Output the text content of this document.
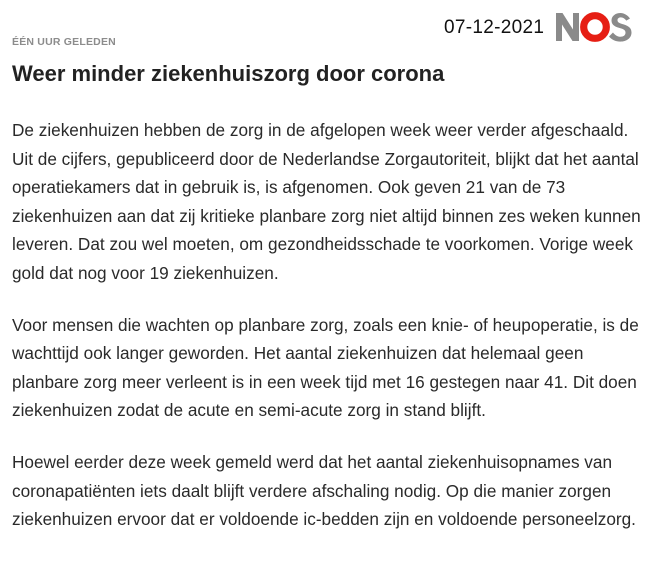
ÉÉN UUR GELEDEN
Weer minder ziekenhuiszorg door corona

De ziekenhuizen hebben de zorg in de afgelopen week weer verder afgeschaald. Uit de cijfers, gepubliceerd door de Nederlandse Zorgautoriteit, blijkt dat het aantal operatiekamers dat in gebruik is, is afgenomen. Ook geven 21 van de 73 ziekenhuizen aan dat zij kritieke planbare zorg niet altijd binnen zes weken kunnen leveren. Dat zou wel moeten, om gezondheidsschade te voorkomen. Vorige week gold dat nog voor 19 ziekenhuizen.

Voor mensen die wachten op planbare zorg, zoals een knie- of heupoperatie, is de wachttijd ook langer geworden. Het aantal ziekenhuizen dat helemaal geen planbare zorg meer verleent is in een week tijd met 16 gestegen naar 41. Dit doen ziekenhuizen zodat de acute en semi-acute zorg in stand blijft.

Hoewel eerder deze week gemeld werd dat het aantal ziekenhuisopnames van coronapatiënten iets daalt blijft verdere afschaling nodig. Op die manier zorgen ziekenhuizen ervoor dat er voldoende ic-bedden zijn en voldoende personeelzorg.

07-12-2021
